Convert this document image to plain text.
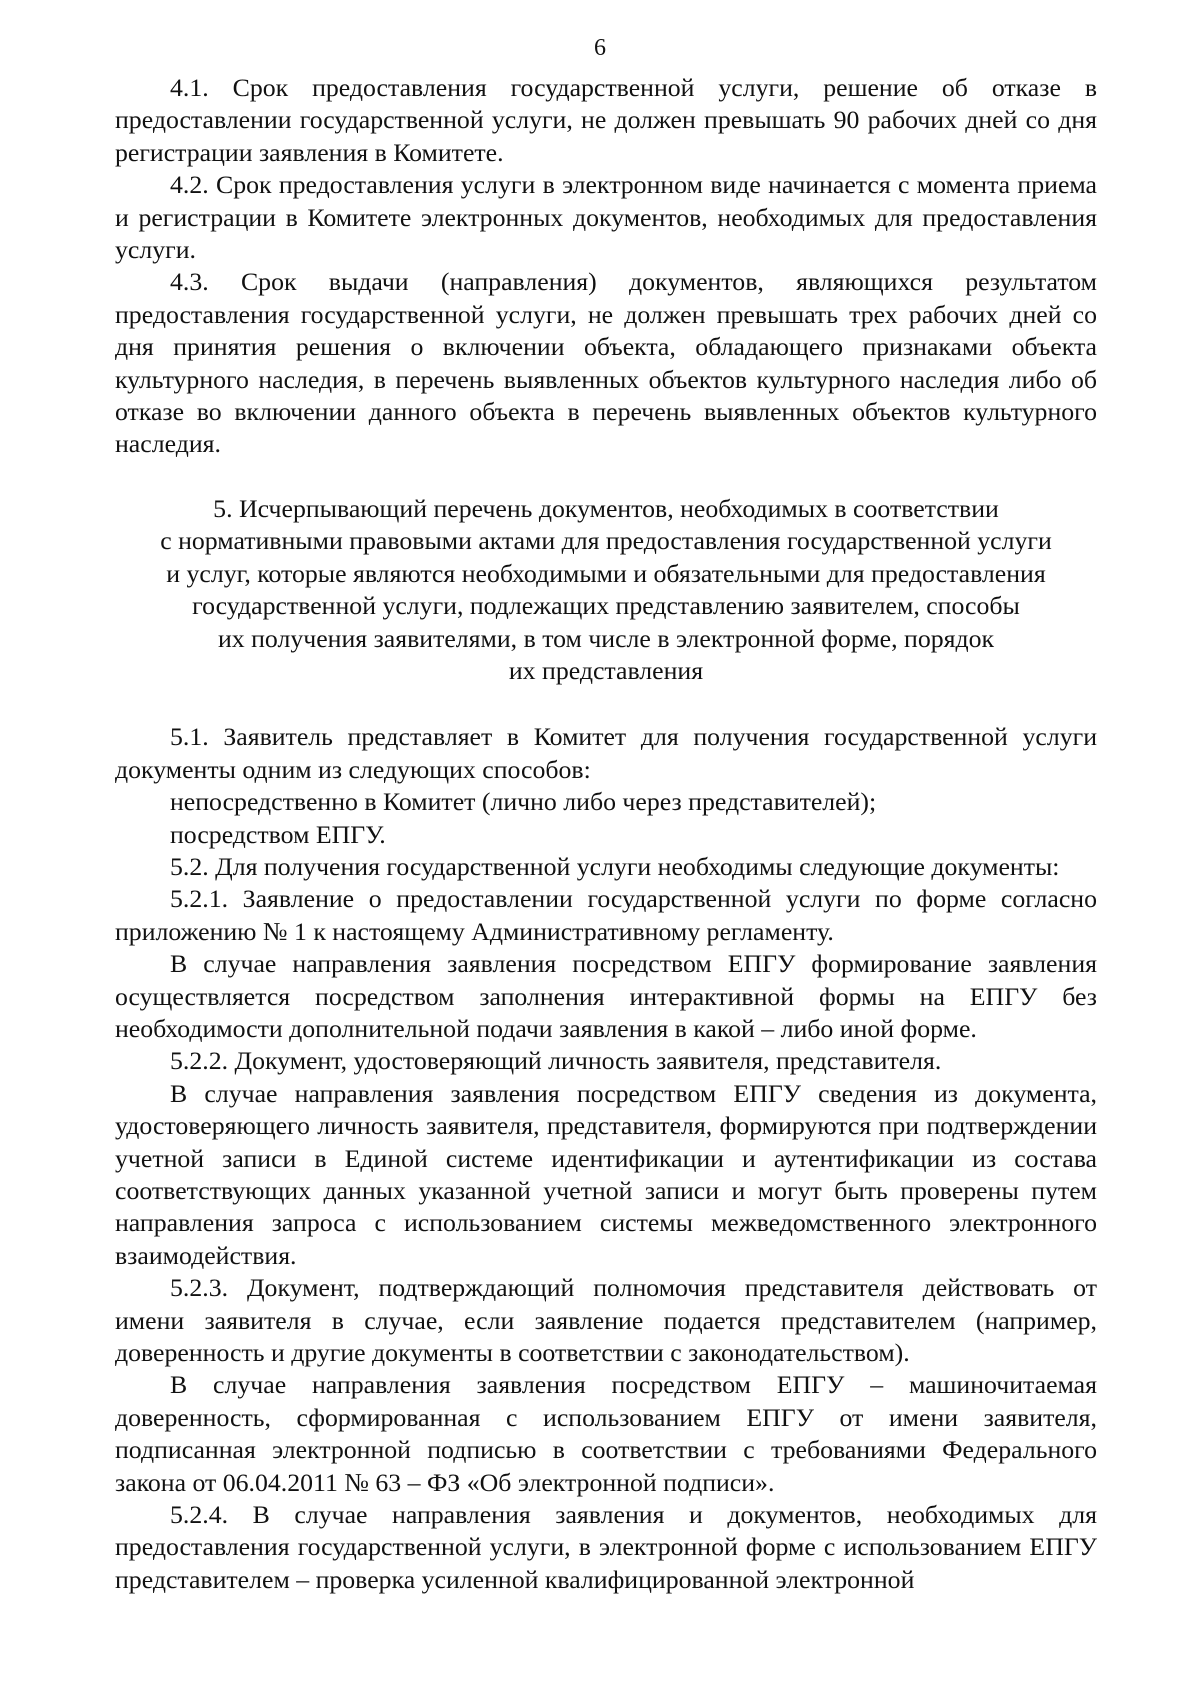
6

4.1. Срок предоставления государственной услуги, решение об отказе в предоставлении государственной услуги, не должен превышать 90 рабочих дней со дня регистрации заявления в Комитете.

4.2. Срок предоставления услуги в электронном виде начинается с момента приема и регистрации в Комитете электронных документов, необходимых для предоставления услуги.

4.3. Срок выдачи (направления) документов, являющихся результатом предоставления государственной услуги, не должен превышать трех рабочих дней со дня принятия решения о включении объекта, обладающего признаками объекта культурного наследия, в перечень выявленных объектов культурного наследия либо об отказе во включении данного объекта в перечень выявленных объектов культурного наследия.

5. Исчерпывающий перечень документов, необходимых в соответствии
с нормативными правовыми актами для предоставления государственной услуги
и услуг, которые являются необходимыми и обязательными для предоставления
государственной услуги, подлежащих представлению заявителем, способы
их получения заявителями, в том числе в электронной форме, порядок
их представления

5.1. Заявитель представляет в Комитет для получения государственной услуги документы одним из следующих способов:

непосредственно в Комитет (лично либо через представителей);

посредством ЕПГУ.

5.2. Для получения государственной услуги необходимы следующие документы:

5.2.1. Заявление о предоставлении государственной услуги по форме согласно приложению № 1 к настоящему Административному регламенту.

В случае направления заявления посредством ЕПГУ формирование заявления осуществляется посредством заполнения интерактивной формы на ЕПГУ без необходимости дополнительной подачи заявления в какой – либо иной форме.

5.2.2. Документ, удостоверяющий личность заявителя, представителя.

В случае направления заявления посредством ЕПГУ сведения из документа, удостоверяющего личность заявителя, представителя, формируются при подтверждении учетной записи в Единой системе идентификации и аутентификации из состава соответствующих данных указанной учетной записи и могут быть проверены путем направления запроса с использованием системы межведомственного электронного взаимодействия.

5.2.3. Документ, подтверждающий полномочия представителя действовать от имени заявителя в случае, если заявление подается представителем (например, доверенность и другие документы в соответствии с законодательством).

В случае направления заявления посредством ЕПГУ – машиночитаемая доверенность, сформированная с использованием ЕПГУ от имени заявителя, подписанная электронной подписью в соответствии с требованиями Федерального закона от 06.04.2011 № 63 – ФЗ «Об электронной подписи».

5.2.4. В случае направления заявления и документов, необходимых для предоставления государственной услуги, в электронной форме с использованием ЕПГУ представителем – проверка усиленной квалифицированной электронной
